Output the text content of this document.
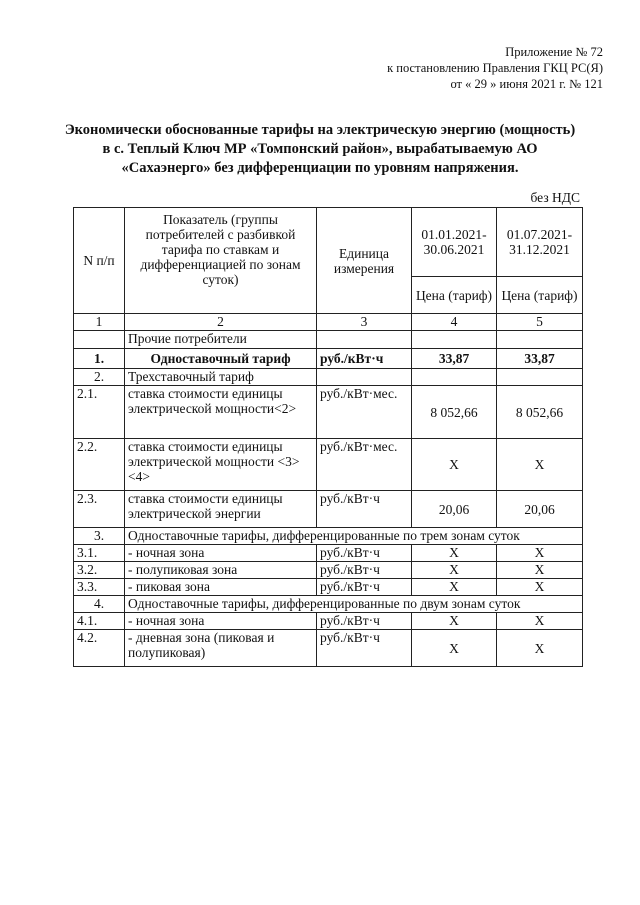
Приложение № 72
к постановлению Правления ГКЦ РС(Я)
от « 29 » июня 2021 г. № 121
Экономически обоснованные тарифы на электрическую энергию (мощность)
в с. Теплый Ключ МР «Томпонский район», вырабатываемую АО
«Сахаэнерго» без дифференциации по уровням напряжения.
без НДС
N п/п	Показатель (группы потребителей с разбивкой тарифа по ставкам и дифференциацией по зонам суток)	Единица измерения	01.01.2021-30.06.2021	01.07.2021-31.12.2021
			Цена (тариф)	Цена (тариф)
1	2	3	4	5
	Прочие потребители			
1.	Одноставочный тариф	руб./кВт·ч	33,87	33,87
2.	Трехставочный тариф			
2.1.	ставка стоимости единицы электрической мощности<2>	руб./кВт·мес.	8 052,66	8 052,66
2.2.	ставка стоимости единицы электрической мощности <3><4>	руб./кВт·мес.	X	X
2.3.	ставка стоимости единицы электрической энергии	руб./кВт·ч	20,06	20,06
3.	Одноставочные тарифы, дифференцированные по трем зонам суток			
3.1.	- ночная зона	руб./кВт·ч	X	X
3.2.	- полупиковая зона	руб./кВт·ч	X	X
3.3.	- пиковая зона	руб./кВт·ч	X	X
4.	Одноставочные тарифы, дифференцированные по двум зонам суток			
4.1.	- ночная зона	руб./кВт·ч	X	X
4.2.	- дневная зона (пиковая и полупиковая)	руб./кВт·ч	X	X
